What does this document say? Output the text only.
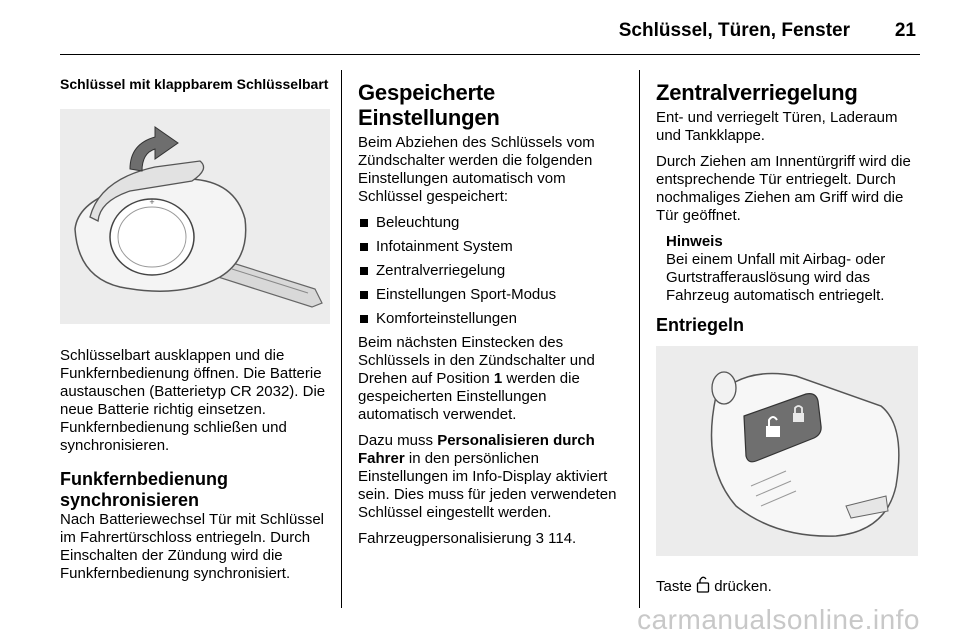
Schlüssel, Türen, Fenster 21
Schlüssel mit klappbarem Schlüsselbart
+

Schlüsselbart ausklappen und die Funkfernbedienung öffnen. Die Batterie austauschen (Batterietyp CR 2032). Die neue Batterie richtig einsetzen. Funkfernbedienung schließen und synchronisieren.

Funkfernbedienung synchronisieren

Nach Batteriewechsel Tür mit Schlüssel im Fahrertürschloss entriegeln. Durch Einschalten der Zündung wird die Funkfernbedienung synchronisiert.

Gespeicherte Einstellungen

Beim Abziehen des Schlüssels vom Zündschalter werden die folgenden Einstellungen automatisch vom Schlüssel gespeichert:

Beleuchtung
Infotainment System
Zentralverriegelung
Einstellungen Sport-Modus
Komforteinstellungen

Beim nächsten Einstecken des Schlüssels in den Zündschalter und Drehen auf Position 1 werden die gespeicherten Einstellungen automatisch verwendet.

Dazu muss Personalisieren durch Fahrer in den persönlichen Einstellungen im Info-Display aktiviert sein. Dies muss für jeden verwendeten Schlüssel eingestellt werden.

Fahrzeugpersonalisierung 3 114.

Zentralverriegelung

Ent- und verriegelt Türen, Laderaum und Tankklappe.

Durch Ziehen am Innentürgriff wird die entsprechende Tür entriegelt. Durch nochmaliges Ziehen am Griff wird die Tür geöffnet.

Hinweis
Bei einem Unfall mit Airbag- oder Gurtstrafferauslösung wird das Fahrzeug automatisch entriegelt.
Entriegeln

Taste  drücken.

carmanualsonline.info
